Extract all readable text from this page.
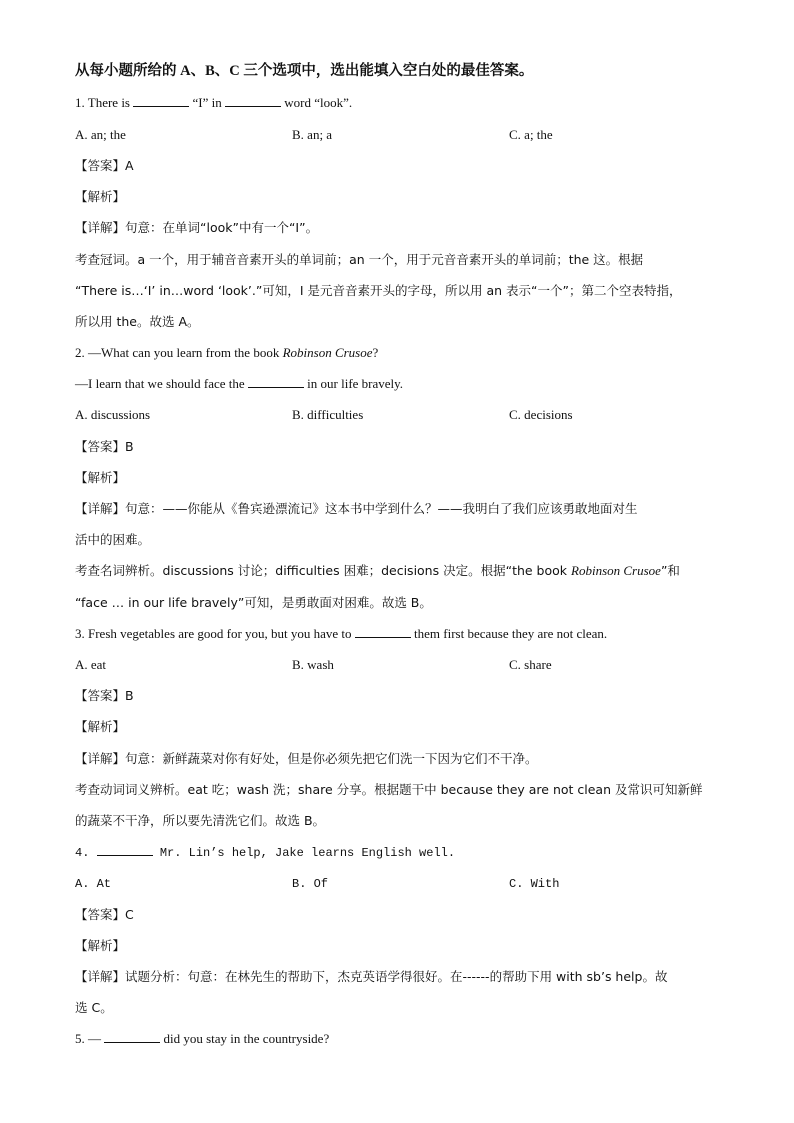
从每小题所给的 A、B、C 三个选项中，选出能填入空白处的最佳答案。
1. There is	“I” in	word “look”.
A. an; the	B. an; a	C. a; the
【答案】A
【解析】
【详解】句意：在单词“look”中有一个“I”。
考查冠词。a 一个，用于辅音音素开头的单词前；an 一个，用于元音音素开头的单词前；the 这。根据
“There is…‘I’ in…word ‘look’.”可知，I 是元音音素开头的字母，所以用 an 表示“一个”；第二个空表特指，
所以用 the。故选 A。
2. —What can you learn from the book Robinson Crusoe?
—I learn that we should face the	in our life bravely.
A. discussions	B. difficulties	C. decisions
【答案】B
【解析】
【详解】句意：——你能从《鲁宾逊漂流记》这本书中学到什么？——我明白了我们应该勇敢地面对生
活中的困难。
考查名词辨析。discussions 讨论；difficulties 困难；decisions 决定。根据“the book Robinson Crusoe”和
“face … in our life bravely”可知，是勇敢面对困难。故选 B。
3. Fresh vegetables are good for you, but you have to	them first because they are not clean.
A. eat	B. wash	C. share
【答案】B
【解析】
【详解】句意：新鲜蔬菜对你有好处，但是你必须先把它们洗一下因为它们不干净。
考查动词词义辨析。eat 吃；wash 洗；share 分享。根据题干中 because they are not clean 及常识可知新鲜
的蔬菜不干净，所以要先清洗它们。故选 B。
4.	Mr. Lin’s help, Jake learns English well.
A. At	B. Of	C. With
【答案】C
【解析】
【详解】试题分析：句意：在林先生的帮助下，杰克英语学得很好。在------的帮助下用 with sb’s help。故
选 C。
5. —	did you stay in the countryside?
